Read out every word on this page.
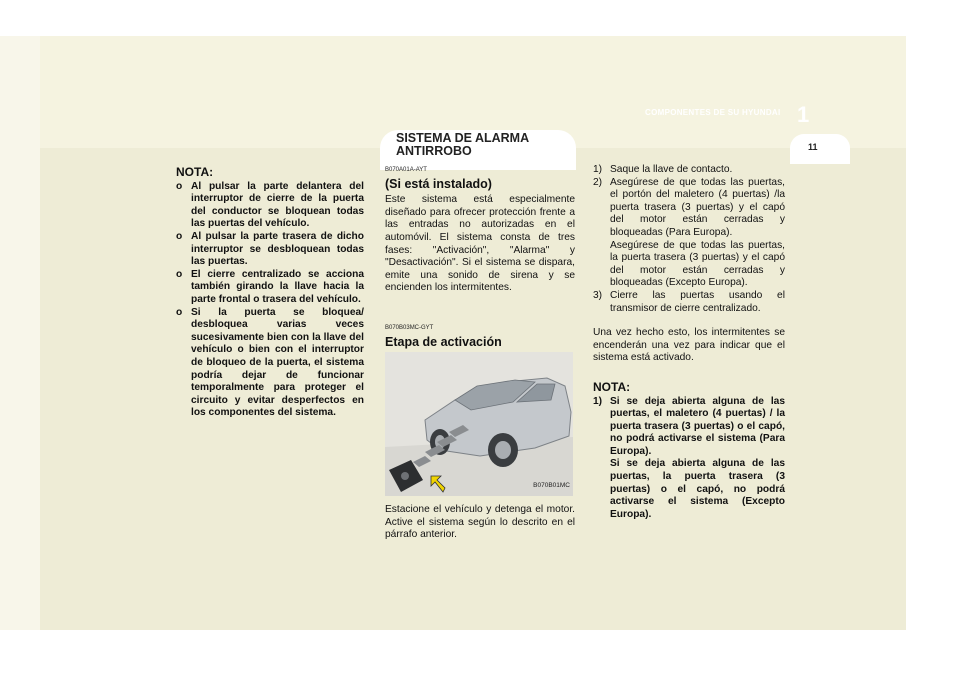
COMPONENTES DE SU HYUNDAI 1
11
SISTEMA DE ALARMA ANTIRROBO
NOTA:
o Al pulsar la parte delantera del interruptor de cierre de la puerta del conductor se bloquean todas las puertas del vehículo.
o Al pulsar la parte trasera de dicho interruptor se desbloquean todas las puertas.
o El cierre centralizado se acciona también girando la llave hacia la parte frontal o trasera del vehículo.
o Si la puerta se bloquea/ desbloquea varias veces sucesivamente bien con la llave del vehículo o bien con el interruptor de bloqueo de la puerta, el sistema podría dejar de funcionar temporalmente para proteger el circuito y evitar desperfectos en los componentes del sistema.
B070A01A-AYT
(Si está instalado)

Este sistema está especialmente diseñado para ofrecer protección frente a las entradas no autorizadas en el automóvil. El sistema consta de tres fases: "Activación", "Alarma" y "Desactivación". Si el sistema se dispara, emite una sonido de sirena y se encienden los intermitentes.

B070B03MC-GYT
Etapa de activación
B070B01MC

Estacione el vehículo y detenga el motor. Active el sistema según lo descrito en el párrafo anterior.

1) Saque la llave de contacto.
2) Asegúrese de que todas las puertas, el portón del maletero (4 puertas) /la puerta trasera (3 puertas) y el capó del motor están cerradas y bloqueadas (Para Europa).
Asegúrese de que todas las puertas, la puerta trasera (3 puertas) y el capó del motor están cerradas y bloqueadas (Excepto Europa).
3) Cierre las puertas usando el transmisor de cierre centralizado.

Una vez hecho esto, los intermitentes se encenderán una vez para indicar que el sistema está activado.

NOTA:
1) Si se deja abierta alguna de las puertas, el maletero (4 puertas) / la puerta trasera (3 puertas) o el capó, no podrá activarse el sistema (Para Europa).
Si se deja abierta alguna de las puertas, la puerta trasera (3 puertas) o el capó, no podrá activarse el sistema (Excepto Europa).
